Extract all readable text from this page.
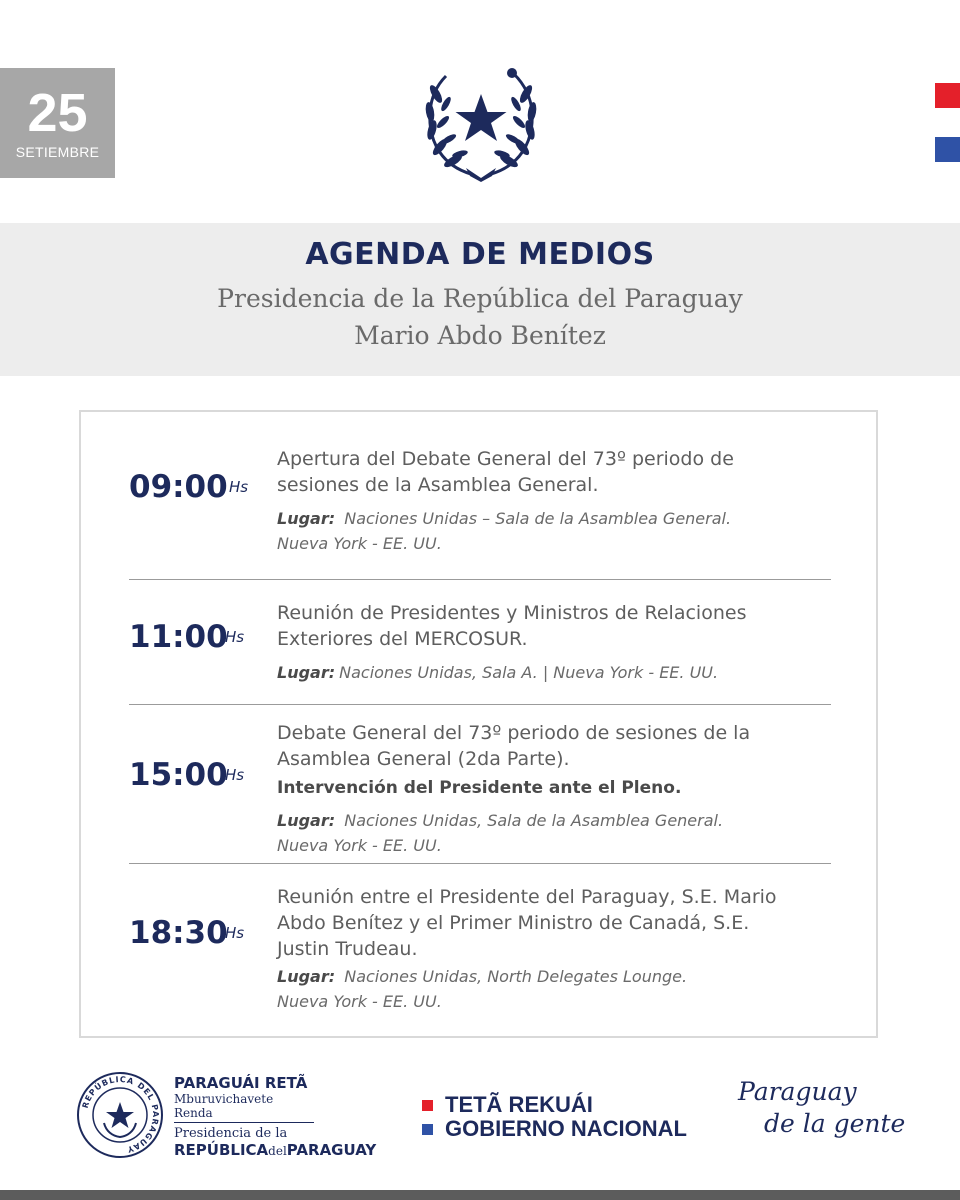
25
SETIEMBRE
AGENDA DE MEDIOS
Presidencia de la República del Paraguay
Mario Abdo Benítez
09:00 Hs
Apertura del Debate General del 73º periodo de
sesiones de la Asamblea General.
Lugar: Naciones Unidas – Sala de la Asamblea General.
Nueva York - EE. UU.
11:00
Hs
Reunión de Presidentes y Ministros de Relaciones
Exteriores del MERCOSUR.
Lugar: Naciones Unidas, Sala A. | Nueva York - EE. UU.
15:00
Hs
Debate General del 73º periodo de sesiones de la
Asamblea General (2da Parte).
Intervención del Presidente ante el Pleno.
Lugar: Naciones Unidas, Sala de la Asamblea General.
Nueva York - EE. UU.
18:30
Hs
Reunión entre el Presidente del Paraguay, S.E. Mario
Abdo Benítez y el Primer Ministro de Canadá, S.E.
Justin Trudeau.
Lugar: Naciones Unidas, North Delegates Lounge.
Nueva York - EE. UU.
REPÚBLICA DEL PARAGUAY
PARAGUÁI RETÃ
Mburuvichavete Renda
Presidencia de la
REPÚBLICAdelPARAGUAY
TETÃ REKUÁI
GOBIERNO NACIONAL
Paraguay
de la gente
